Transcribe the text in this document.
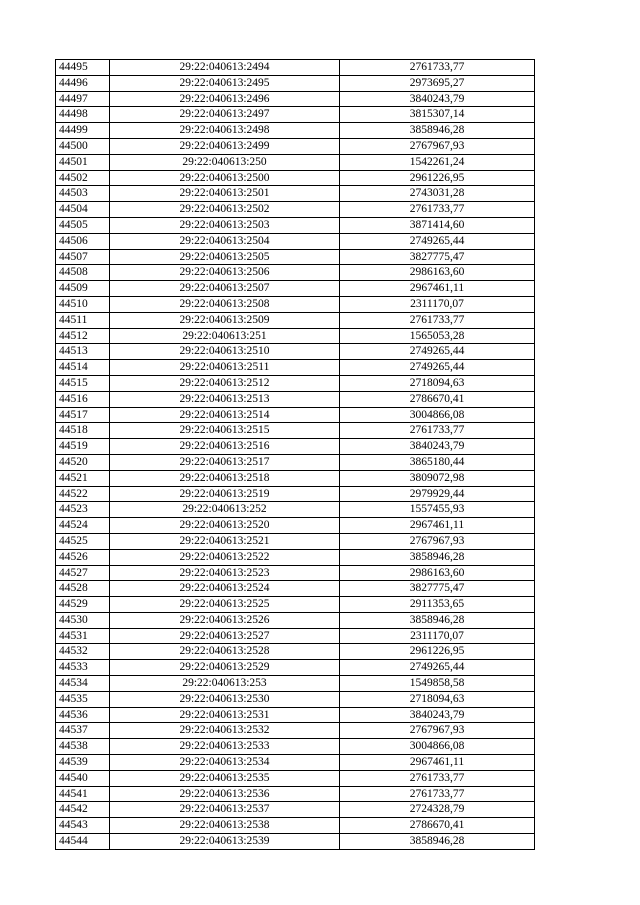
44495	29:22:040613:2494	2761733,77
44496	29:22:040613:2495	2973695,27
44497	29:22:040613:2496	3840243,79
44498	29:22:040613:2497	3815307,14
44499	29:22:040613:2498	3858946,28
44500	29:22:040613:2499	2767967,93
44501	29:22:040613:250	1542261,24
44502	29:22:040613:2500	2961226,95
44503	29:22:040613:2501	2743031,28
44504	29:22:040613:2502	2761733,77
44505	29:22:040613:2503	3871414,60
44506	29:22:040613:2504	2749265,44
44507	29:22:040613:2505	3827775,47
44508	29:22:040613:2506	2986163,60
44509	29:22:040613:2507	2967461,11
44510	29:22:040613:2508	2311170,07
44511	29:22:040613:2509	2761733,77
44512	29:22:040613:251	1565053,28
44513	29:22:040613:2510	2749265,44
44514	29:22:040613:2511	2749265,44
44515	29:22:040613:2512	2718094,63
44516	29:22:040613:2513	2786670,41
44517	29:22:040613:2514	3004866,08
44518	29:22:040613:2515	2761733,77
44519	29:22:040613:2516	3840243,79
44520	29:22:040613:2517	3865180,44
44521	29:22:040613:2518	3809072,98
44522	29:22:040613:2519	2979929,44
44523	29:22:040613:252	1557455,93
44524	29:22:040613:2520	2967461,11
44525	29:22:040613:2521	2767967,93
44526	29:22:040613:2522	3858946,28
44527	29:22:040613:2523	2986163,60
44528	29:22:040613:2524	3827775,47
44529	29:22:040613:2525	2911353,65
44530	29:22:040613:2526	3858946,28
44531	29:22:040613:2527	2311170,07
44532	29:22:040613:2528	2961226,95
44533	29:22:040613:2529	2749265,44
44534	29:22:040613:253	1549858,58
44535	29:22:040613:2530	2718094,63
44536	29:22:040613:2531	3840243,79
44537	29:22:040613:2532	2767967,93
44538	29:22:040613:2533	3004866,08
44539	29:22:040613:2534	2967461,11
44540	29:22:040613:2535	2761733,77
44541	29:22:040613:2536	2761733,77
44542	29:22:040613:2537	2724328,79
44543	29:22:040613:2538	2786670,41
44544	29:22:040613:2539	3858946,28
